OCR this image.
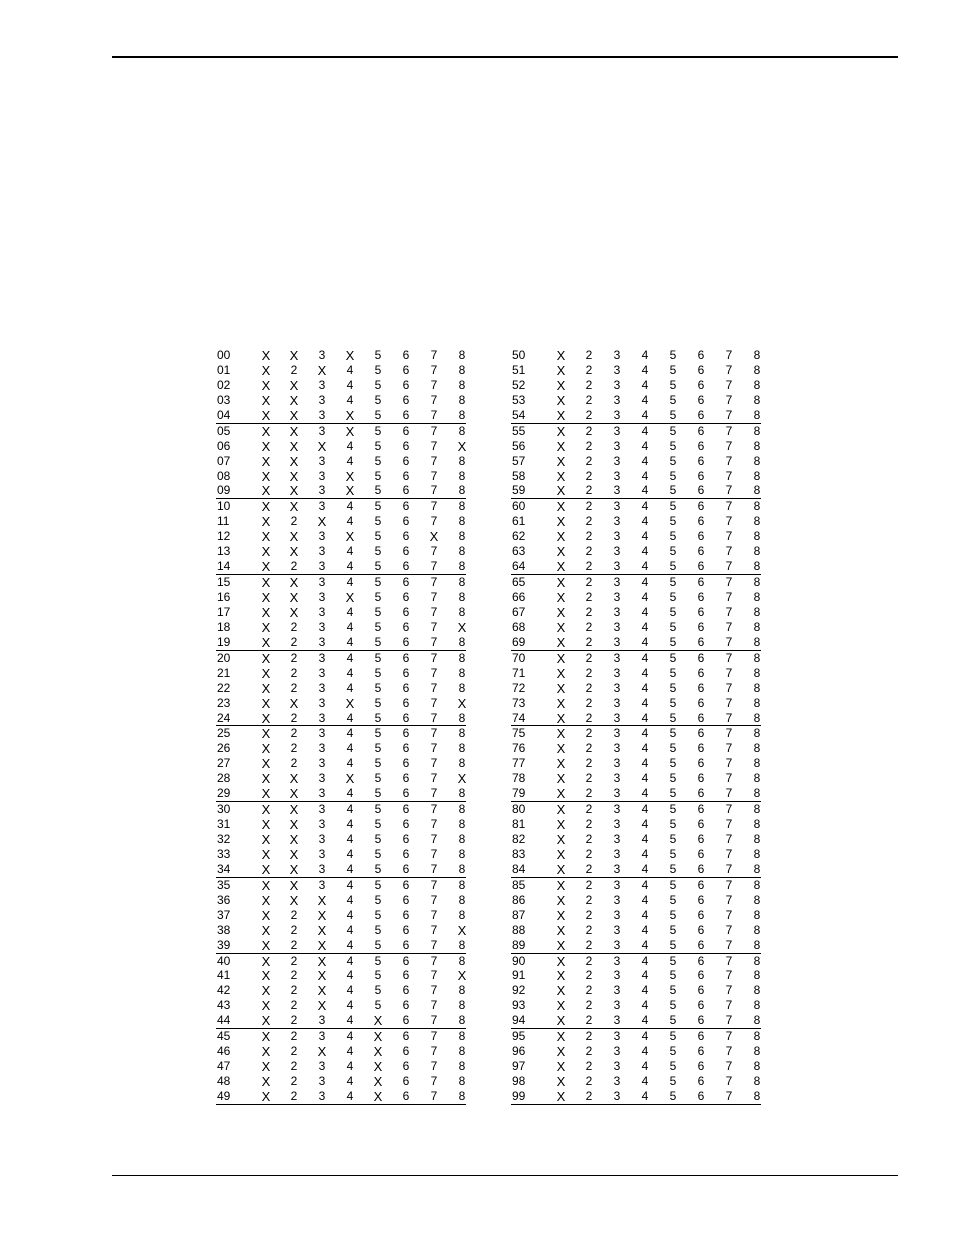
00 X X	3	X	5	6	7	8
01 X	2	X	4	5	6	7	8
02 X X	3	4	5	6	7	8
03 X X	3	4	5	6	7	8
04 X X	3	X	5	6	7	8
05 X X	3	X	5	6	7	8
06 X X X	4	5	6	7	X
07 X X	3	4	5	6	7	8
08 X X	3	X	5	6	7	8
09 X X	3	X	5	6	7	8
10 X X	3	4	5	6	7	8
11 X	2	X	4	5	6	7	8
12 X X	3	X	5	6	X	8
13 X X	3	4	5	6	7	8
14 X	2	3	4	5	6	7	8
15 X X	3	4	5	6	7	8
16 X X	3	X	5	6	7	8
17 X X	3	4	5	6	7	8
18 X	2	3	4	5	6	7	X
19 X	2	3	4	5	6	7	8
20 X	2	3	4	5	6	7	8
21 X	2	3	4	5	6	7	8
22 X	2	3	4	5	6	7	8
23 X X	3	X	5	6	7	X
24 X	2	3	4	5	6	7	8
25 X	2	3	4	5	6	7	8
26 X	2	3	4	5	6	7	8
27 X	2	3	4	5	6	7	8
28 X X	3	X	5	6	7	X
29 X X	3	4	5	6	7	8
30 X X	3	4	5	6	7	8
31 X X	3	4	5	6	7	8
32 X X	3	4	5	6	7	8
33 X X	3	4	5	6	7	8
34 X X	3	4	5	6	7	8
35 X X	3	4	5	6	7	8
36 X X X	4	5	6	7	8
37 X	2	X	4	5	6	7	8
38 X	2	X	4	5	6	7	X
39 X	2	X	4	5	6	7	8
40 X	2	X	4	5	6	7	8
41 X	2	X	4	5	6	7	X
42 X	2	X	4	5	6	7	8
43 X	2	X	4	5	6	7	8
44 X	2	3	4	X	6	7	8
45 X	2	3	4	X	6	7	8
46 X	2	X	4	X	6	7	8
47 X	2	3	4	X	6	7	8
48 X	2	3	4	X	6	7	8
49 X	2	3	4	X	6	7	8
50 X	2	3	4	5	6	7	8
51 X	2	3	4	5	6	7	8
52 X	2	3	4	5	6	7	8
53 X	2	3	4	5	6	7	8
54 X	2	3	4	5	6	7	8
55 X	2	3	4	5	6	7	8
56 X	2	3	4	5	6	7	8
57 X	2	3	4	5	6	7	8
58 X	2	3	4	5	6	7	8
59 X	2	3	4	5	6	7	8
60 X	2	3	4	5	6	7	8
61 X	2	3	4	5	6	7	8
62 X	2	3	4	5	6	7	8
63 X	2	3	4	5	6	7	8
64 X	2	3	4	5	6	7	8
65 X	2	3	4	5	6	7	8
66 X	2	3	4	5	6	7	8
67 X	2	3	4	5	6	7	8
68 X	2	3	4	5	6	7	8
69 X	2	3	4	5	6	7	8
70 X	2	3	4	5	6	7	8
71 X	2	3	4	5	6	7	8
72 X	2	3	4	5	6	7	8
73 X	2	3	4	5	6	7	8
74 X	2	3	4	5	6	7	8
75 X	2	3	4	5	6	7	8
76 X	2	3	4	5	6	7	8
77 X	2	3	4	5	6	7	8
78 X	2	3	4	5	6	7	8
79 X	2	3	4	5	6	7	8
80 X	2	3	4	5	6	7	8
81 X	2	3	4	5	6	7	8
82 X	2	3	4	5	6	7	8
83 X	2	3	4	5	6	7	8
84 X	2	3	4	5	6	7	8
85 X	2	3	4	5	6	7	8
86 X	2	3	4	5	6	7	8
87 X	2	3	4	5	6	7	8
88 X	2	3	4	5	6	7	8
89 X	2	3	4	5	6	7	8
90 X	2	3	4	5	6	7	8
91 X	2	3	4	5	6	7	8
92 X	2	3	4	5	6	7	8
93 X	2	3	4	5	6	7	8
94 X	2	3	4	5	6	7	8
95 X	2	3	4	5	6	7	8
96 X	2	3	4	5	6	7	8
97 X	2	3	4	5	6	7	8
98 X	2	3	4	5	6	7	8
99 X	2	3	4	5	6	7	8
